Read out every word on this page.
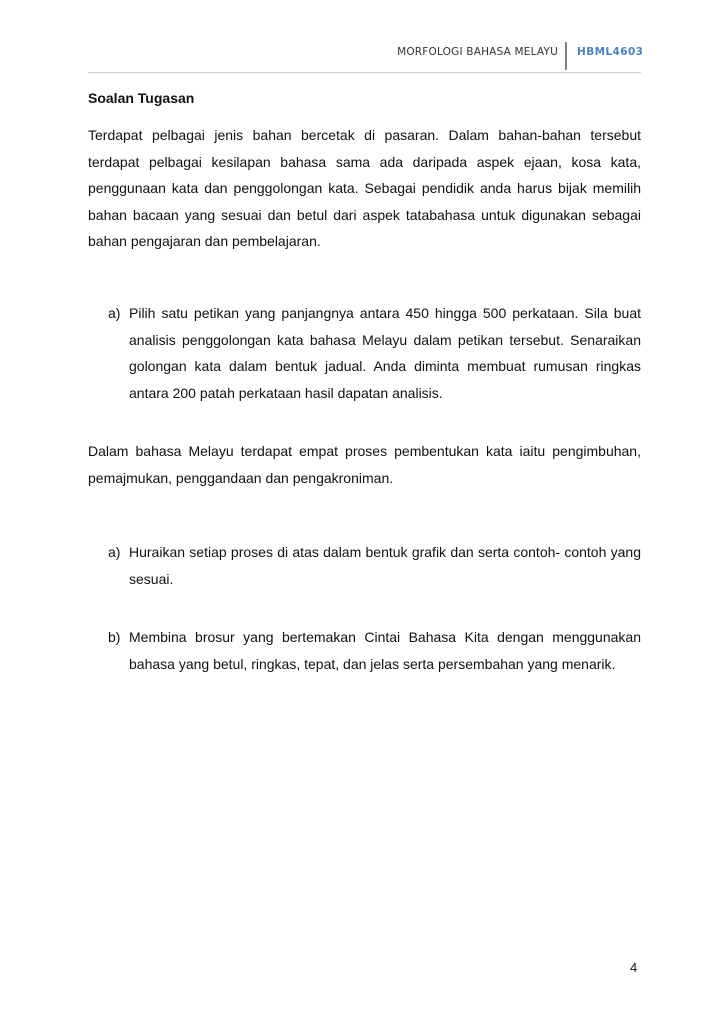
MORFOLOGI BAHASA MELAYU HBML4603
Soalan Tugasan

Terdapat pelbagai jenis bahan bercetak di pasaran. Dalam bahan-bahan tersebut terdapat pelbagai kesilapan bahasa sama ada daripada aspek ejaan, kosa kata, penggunaan kata dan penggolongan kata. Sebagai pendidik anda harus bijak memilih bahan bacaan yang sesuai dan betul dari aspek tatabahasa untuk digunakan sebagai bahan pengajaran dan pembelajaran.

a) Pilih satu petikan yang panjangnya antara 450 hingga 500 perkataan. Sila buat analisis penggolongan kata bahasa Melayu dalam petikan tersebut. Senaraikan golongan kata dalam bentuk jadual. Anda diminta membuat rumusan ringkas antara 200 patah perkataan hasil dapatan analisis.

Dalam bahasa Melayu terdapat empat proses pembentukan kata iaitu pengimbuhan, pemajmukan, penggandaan dan pengakroniman.

a) Huraikan setiap proses di atas dalam bentuk grafik dan serta contoh- contoh yang sesuai.
b) Membina brosur yang bertemakan Cintai Bahasa Kita dengan menggunakan bahasa yang betul, ringkas, tepat, dan jelas serta persembahan yang menarik.
4
